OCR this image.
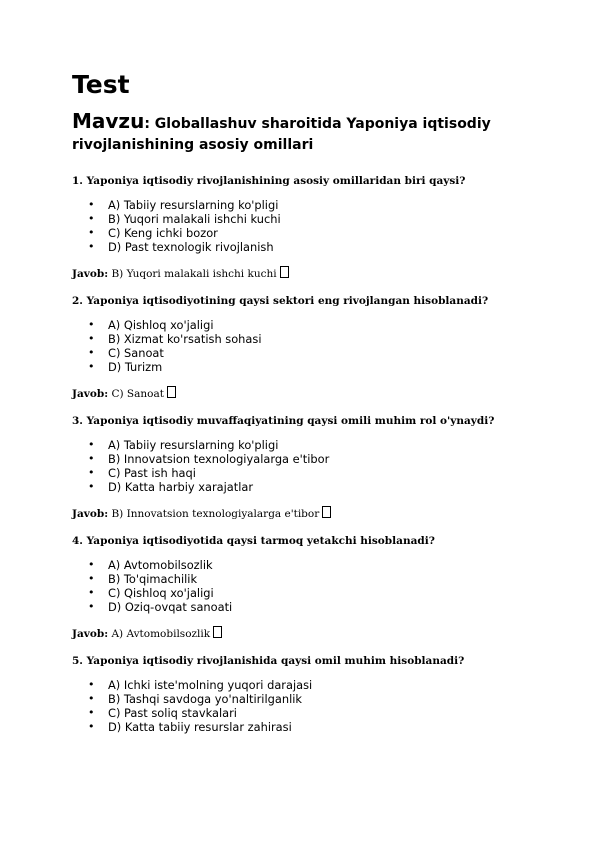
Test
Mavzu: Globallashuv sharoitida Yaponiya iqtisodiy rivojlanishining asosiy omillari

1. Yaponiya iqtisodiy rivojlanishining asosiy omillaridan biri qaysi?

• A) Tabiiy resurslarning ko'pligi
• B) Yuqori malakali ishchi kuchi
• C) Keng ichki bozor
• D) Past texnologik rivojlanish

Javob: B) Yuqori malakali ishchi kuchi

2. Yaponiya iqtisodiyotining qaysi sektori eng rivojlangan hisoblanadi?

• A) Qishloq xo'jaligi
• B) Xizmat ko'rsatish sohasi
• C) Sanoat
• D) Turizm

Javob: C) Sanoat

3. Yaponiya iqtisodiy muvaffaqiyatining qaysi omili muhim rol o'ynaydi?

• A) Tabiiy resurslarning ko'pligi
• B) Innovatsion texnologiyalarga e'tibor
• C) Past ish haqi
• D) Katta harbiy xarajatlar

Javob: B) Innovatsion texnologiyalarga e'tibor

4. Yaponiya iqtisodiyotida qaysi tarmoq yetakchi hisoblanadi?

• A) Avtomobilsozlik
• B) To'qimachilik
• C) Qishloq xo'jaligi
• D) Oziq-ovqat sanoati

Javob: A) Avtomobilsozlik

5. Yaponiya iqtisodiy rivojlanishida qaysi omil muhim hisoblanadi?

• A) Ichki iste'molning yuqori darajasi
• B) Tashqi savdoga yo'naltirilganlik
• C) Past soliq stavkalari
• D) Katta tabiiy resurslar zahirasi
